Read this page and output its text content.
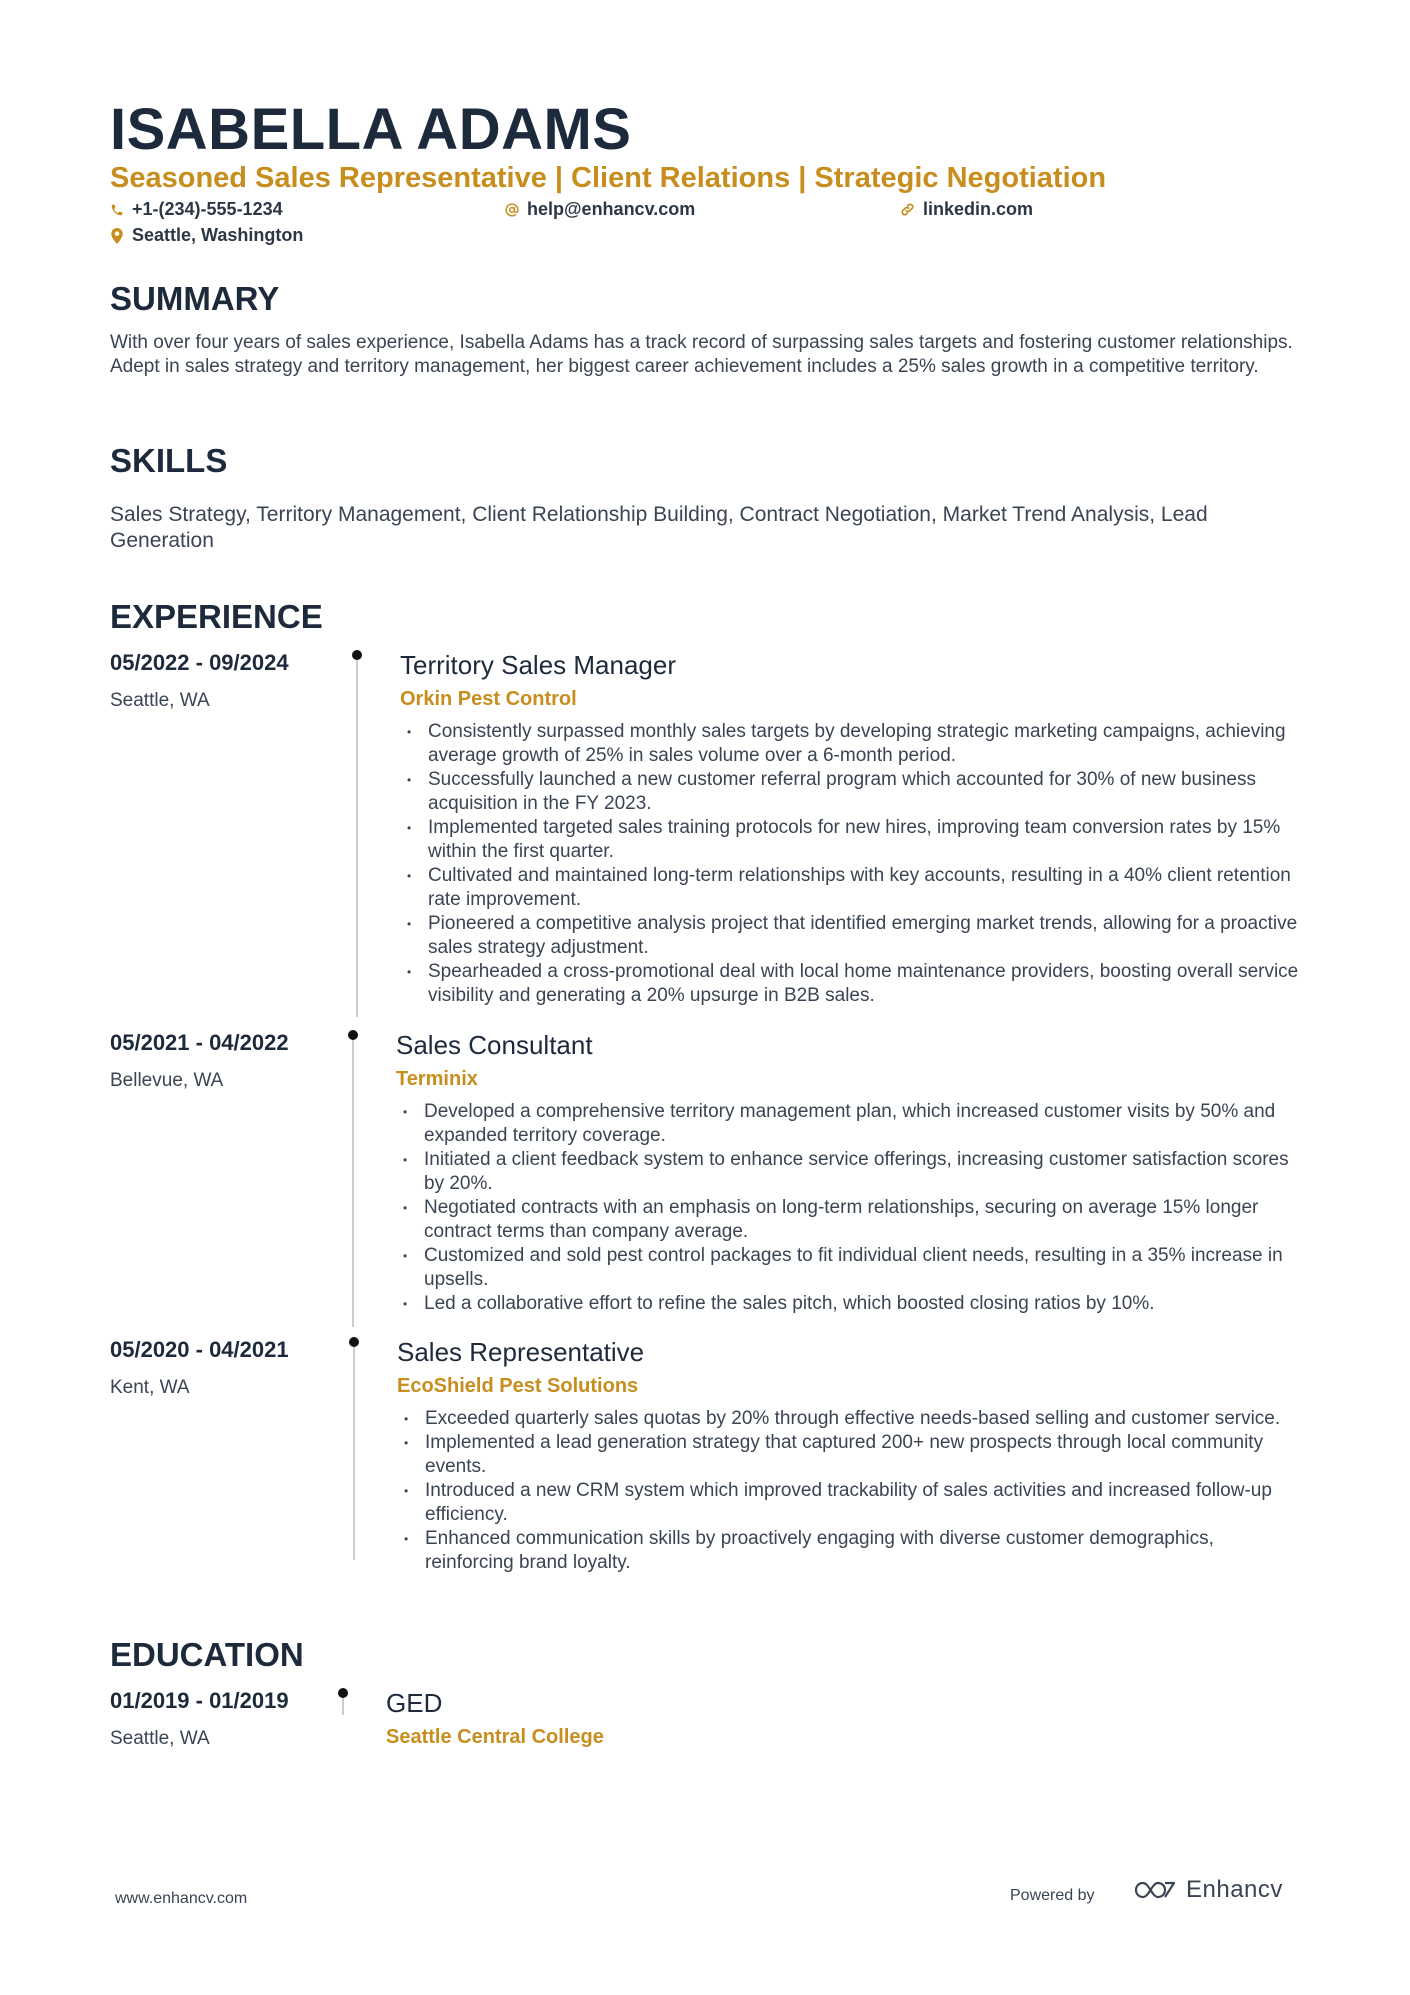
ISABELLA ADAMS
Seasoned Sales Representative | Client Relations | Strategic Negotiation
+1-(234)-555-1234	help@enhancv.com	linkedin.com
Seattle, Washington
SUMMARY

With over four years of sales experience, Isabella Adams has a track record of surpassing sales targets and fostering customer relationships. Adept in sales strategy and territory management, her biggest career achievement includes a 25% sales growth in a competitive territory.

SKILLS

Sales Strategy, Territory Management, Client Relationship Building, Contract Negotiation, Market Trend Analysis, Lead Generation

EXPERIENCE
05/2022 - 09/2024
Seattle, WA
Territory Sales Manager
Orkin Pest Control
• Consistently surpassed monthly sales targets by developing strategic marketing campaigns, achieving average growth of 25% in sales volume over a 6-month period.
• Successfully launched a new customer referral program which accounted for 30% of new business acquisition in the FY 2023.
• Implemented targeted sales training protocols for new hires, improving team conversion rates by 15% within the first quarter.
• Cultivated and maintained long-term relationships with key accounts, resulting in a 40% client retention rate improvement.
• Pioneered a competitive analysis project that identified emerging market trends, allowing for a proactive sales strategy adjustment.
• Spearheaded a cross-promotional deal with local home maintenance providers, boosting overall service visibility and generating a 20% upsurge in B2B sales.
05/2021 - 04/2022
Bellevue, WA
Sales Consultant
Terminix
• Developed a comprehensive territory management plan, which increased customer visits by 50% and expanded territory coverage.
• Initiated a client feedback system to enhance service offerings, increasing customer satisfaction scores by 20%.
• Negotiated contracts with an emphasis on long-term relationships, securing on average 15% longer contract terms than company average.
• Customized and sold pest control packages to fit individual client needs, resulting in a 35% increase in upsells.
• Led a collaborative effort to refine the sales pitch, which boosted closing ratios by 10%.
05/2020 - 04/2021
Kent, WA
Sales Representative
EcoShield Pest Solutions
• Exceeded quarterly sales quotas by 20% through effective needs-based selling and customer service.
• Implemented a lead generation strategy that captured 200+ new prospects through local community events.
• Introduced a new CRM system which improved trackability of sales activities and increased follow-up efficiency.
• Enhanced communication skills by proactively engaging with diverse customer demographics, reinforcing brand loyalty.
EDUCATION
01/2019 - 01/2019
Seattle, WA
GED
Seattle Central College
www.enhancv.com	Powered by	Enhancv
